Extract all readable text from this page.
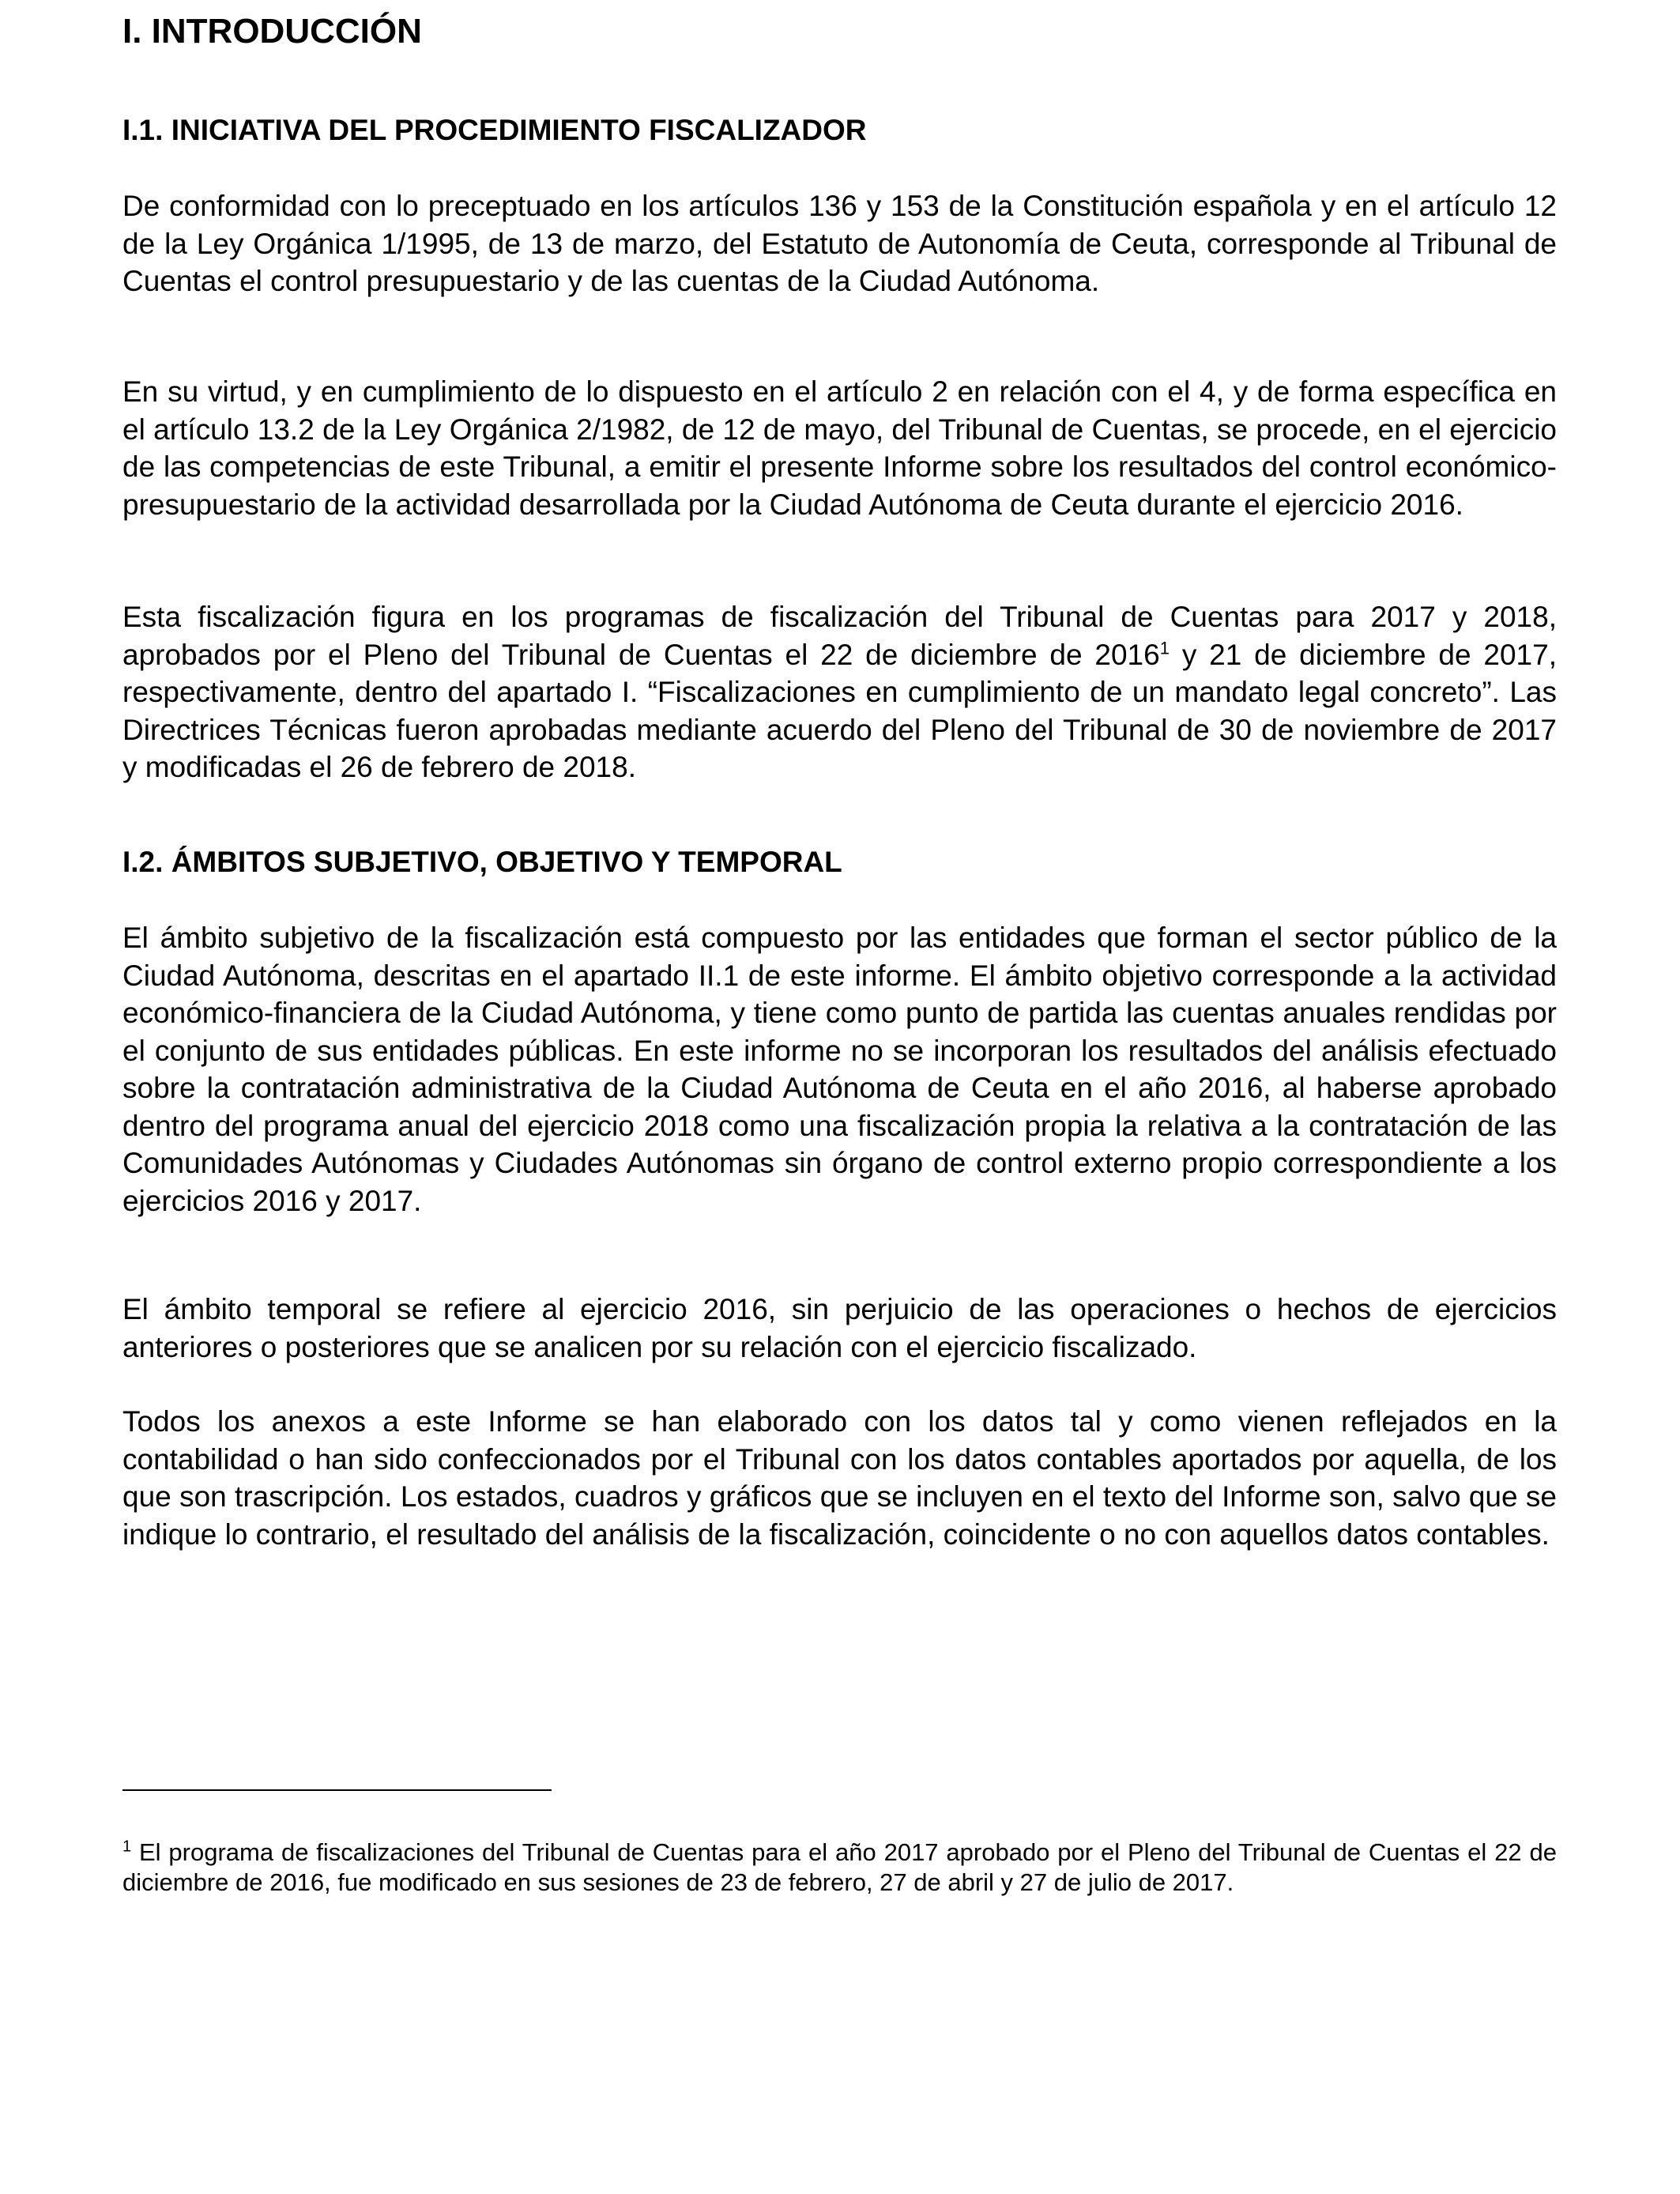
I. INTRODUCCIÓN
I.1. INICIATIVA DEL PROCEDIMIENTO FISCALIZADOR

De conformidad con lo preceptuado en los artículos 136 y 153 de la Constitución española y en el artículo 12 de la Ley Orgánica 1/1995, de 13 de marzo, del Estatuto de Autonomía de Ceuta, corresponde al Tribunal de Cuentas el control presupuestario y de las cuentas de la Ciudad Autónoma.

En su virtud, y en cumplimiento de lo dispuesto en el artículo 2 en relación con el 4, y de forma específica en el artículo 13.2 de la Ley Orgánica 2/1982, de 12 de mayo, del Tribunal de Cuentas, se procede, en el ejercicio de las competencias de este Tribunal, a emitir el presente Informe sobre los resultados del control económico-presupuestario de la actividad desarrollada por la Ciudad Autónoma de Ceuta durante el ejercicio 2016.

Esta fiscalización figura en los programas de fiscalización del Tribunal de Cuentas para 2017 y 2018, aprobados por el Pleno del Tribunal de Cuentas el 22 de diciembre de 2016$^1$ y 21 de diciembre de 2017, respectivamente, dentro del apartado I. “Fiscalizaciones en cumplimiento de un mandato legal concreto”. Las Directrices Técnicas fueron aprobadas mediante acuerdo del Pleno del Tribunal de 30 de noviembre de 2017 y modificadas el 26 de febrero de 2018.

I.2. ÁMBITOS SUBJETIVO, OBJETIVO Y TEMPORAL

El ámbito subjetivo de la fiscalización está compuesto por las entidades que forman el sector público de la Ciudad Autónoma, descritas en el apartado II.1 de este informe. El ámbito objetivo corresponde a la actividad económico-financiera de la Ciudad Autónoma, y tiene como punto de partida las cuentas anuales rendidas por el conjunto de sus entidades públicas. En este informe no se incorporan los resultados del análisis efectuado sobre la contratación administrativa de la Ciudad Autónoma de Ceuta en el año 2016, al haberse aprobado dentro del programa anual del ejercicio 2018 como una fiscalización propia la relativa a la contratación de las Comunidades Autónomas y Ciudades Autónomas sin órgano de control externo propio correspondiente a los ejercicios 2016 y 2017.

El ámbito temporal se refiere al ejercicio 2016, sin perjuicio de las operaciones o hechos de ejercicios anteriores o posteriores que se analicen por su relación con el ejercicio fiscalizado.

Todos los anexos a este Informe se han elaborado con los datos tal y como vienen reflejados en la contabilidad o han sido confeccionados por el Tribunal con los datos contables aportados por aquella, de los que son trascripción. Los estados, cuadros y gráficos que se incluyen en el texto del Informe son, salvo que se indique lo contrario, el resultado del análisis de la fiscalización, coincidente o no con aquellos datos contables.

$^1$ El programa de fiscalizaciones del Tribunal de Cuentas para el año 2017 aprobado por el Pleno del Tribunal de Cuentas el 22 de diciembre de 2016, fue modificado en sus sesiones de 23 de febrero, 27 de abril y 27 de julio de 2017.
